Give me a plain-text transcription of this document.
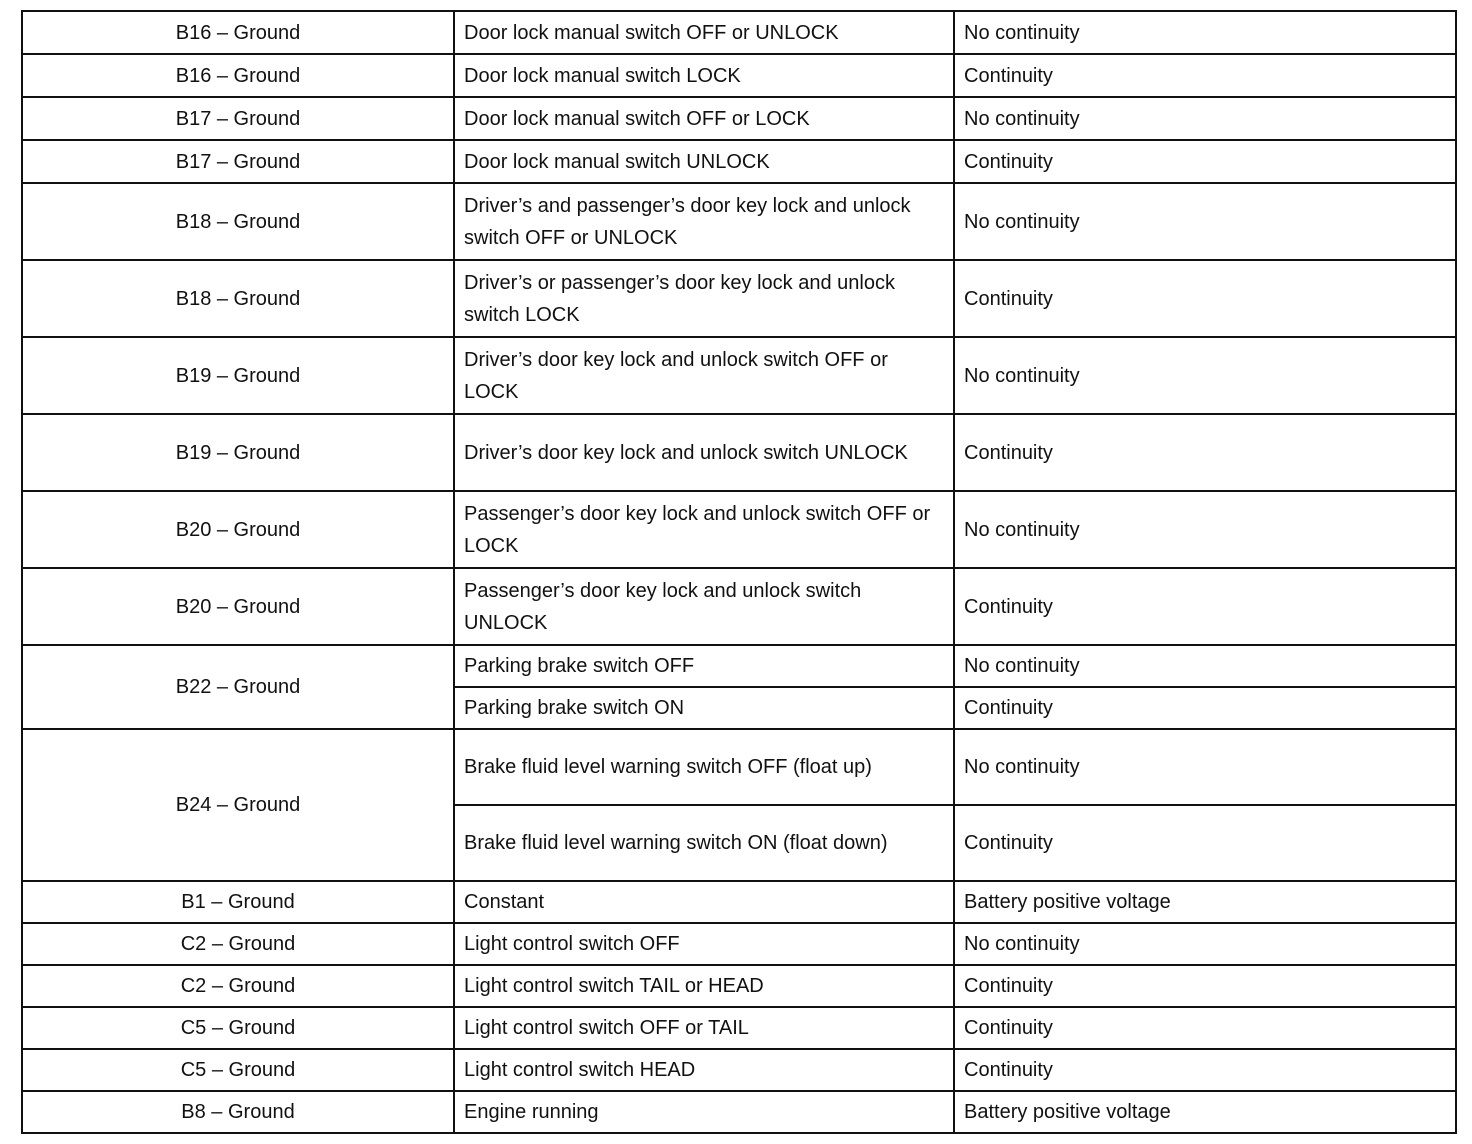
B16 – Ground	Door lock manual switch OFF or UNLOCK	No continuity
B16 – Ground	Door lock manual switch LOCK	Continuity
B17 – Ground	Door lock manual switch OFF or LOCK	No continuity
B17 – Ground	Door lock manual switch UNLOCK	Continuity
B18 – Ground	Driver’s and passenger’s door key lock and unlock switch OFF or UNLOCK	No continuity
B18 – Ground	Driver’s or passenger’s door key lock and unlock switch LOCK	Continuity
B19 – Ground	Driver’s door key lock and unlock switch OFF or LOCK	No continuity
B19 – Ground	Driver’s door key lock and unlock switch UNLOCK	Continuity
B20 – Ground	Passenger’s door key lock and unlock switch OFF or LOCK	No continuity
B20 – Ground	Passenger’s door key lock and unlock switch UNLOCK	Continuity
B22 – Ground	Parking brake switch OFF	No continuity
	Parking brake switch ON	Continuity
B24 – Ground	Brake fluid level warning switch OFF (float up)	No continuity
	Brake fluid level warning switch ON (float down)	Continuity
B1 – Ground	Constant	Battery positive voltage
C2 – Ground	Light control switch OFF	No continuity
C2 – Ground	Light control switch TAIL or HEAD	Continuity
C5 – Ground	Light control switch OFF or TAIL	Continuity
C5 – Ground	Light control switch HEAD	Continuity
B8 – Ground	Engine running	Battery positive voltage
